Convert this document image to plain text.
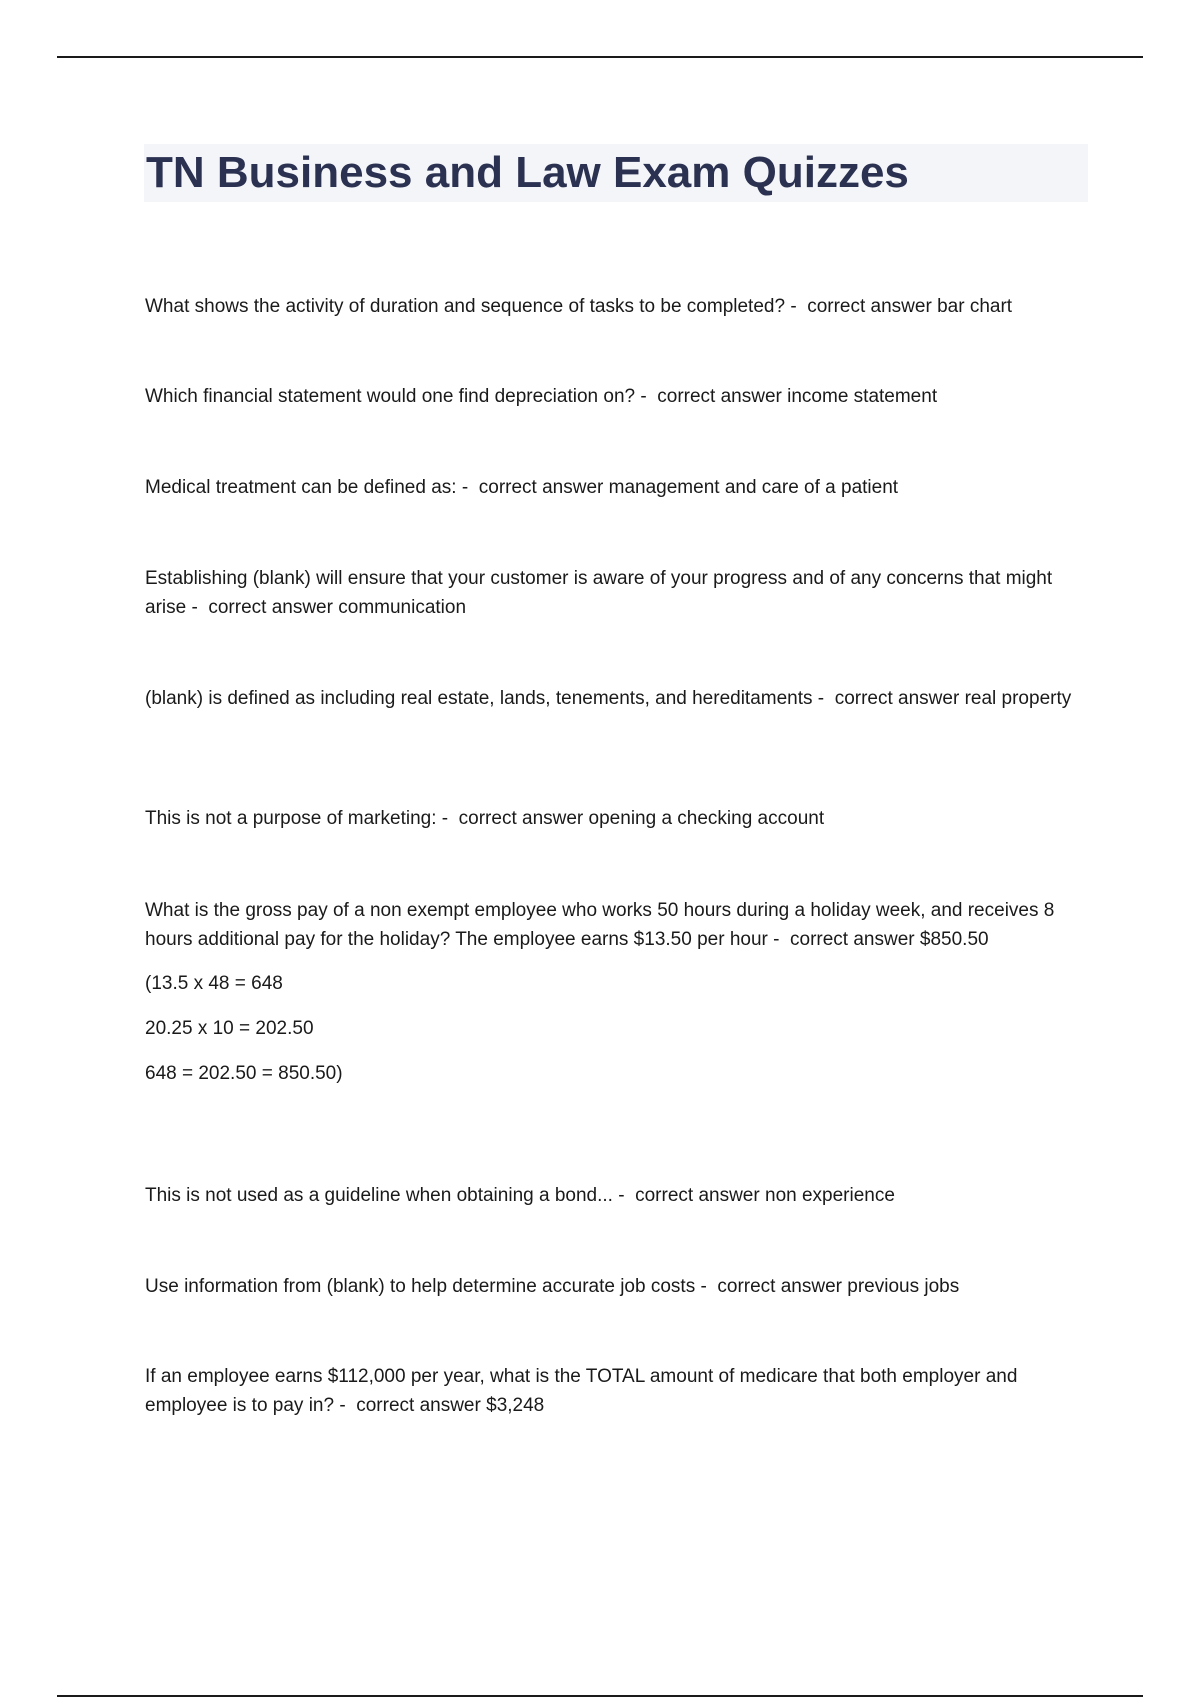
TN Business and Law Exam Quizzes

What shows the activity of duration and sequence of tasks to be completed? - correct answer bar chart

Which financial statement would one find depreciation on? - correct answer income statement

Medical treatment can be defined as: - correct answer management and care of a patient

Establishing (blank) will ensure that your customer is aware of your progress and of any concerns that might arise - correct answer communication

(blank) is defined as including real estate, lands, tenements, and hereditaments - correct answer real property

This is not a purpose of marketing: - correct answer opening a checking account

What is the gross pay of a non exempt employee who works 50 hours during a holiday week, and receives 8 hours additional pay for the holiday? The employee earns $13.50 per hour - correct answer $850.50

(13.5 x 48 = 648

20.25 x 10 = 202.50

648 = 202.50 = 850.50)

This is not used as a guideline when obtaining a bond... - correct answer non experience

Use information from (blank) to help determine accurate job costs - correct answer previous jobs

If an employee earns $112,000 per year, what is the TOTAL amount of medicare that both employer and employee is to pay in? - correct answer $3,248
